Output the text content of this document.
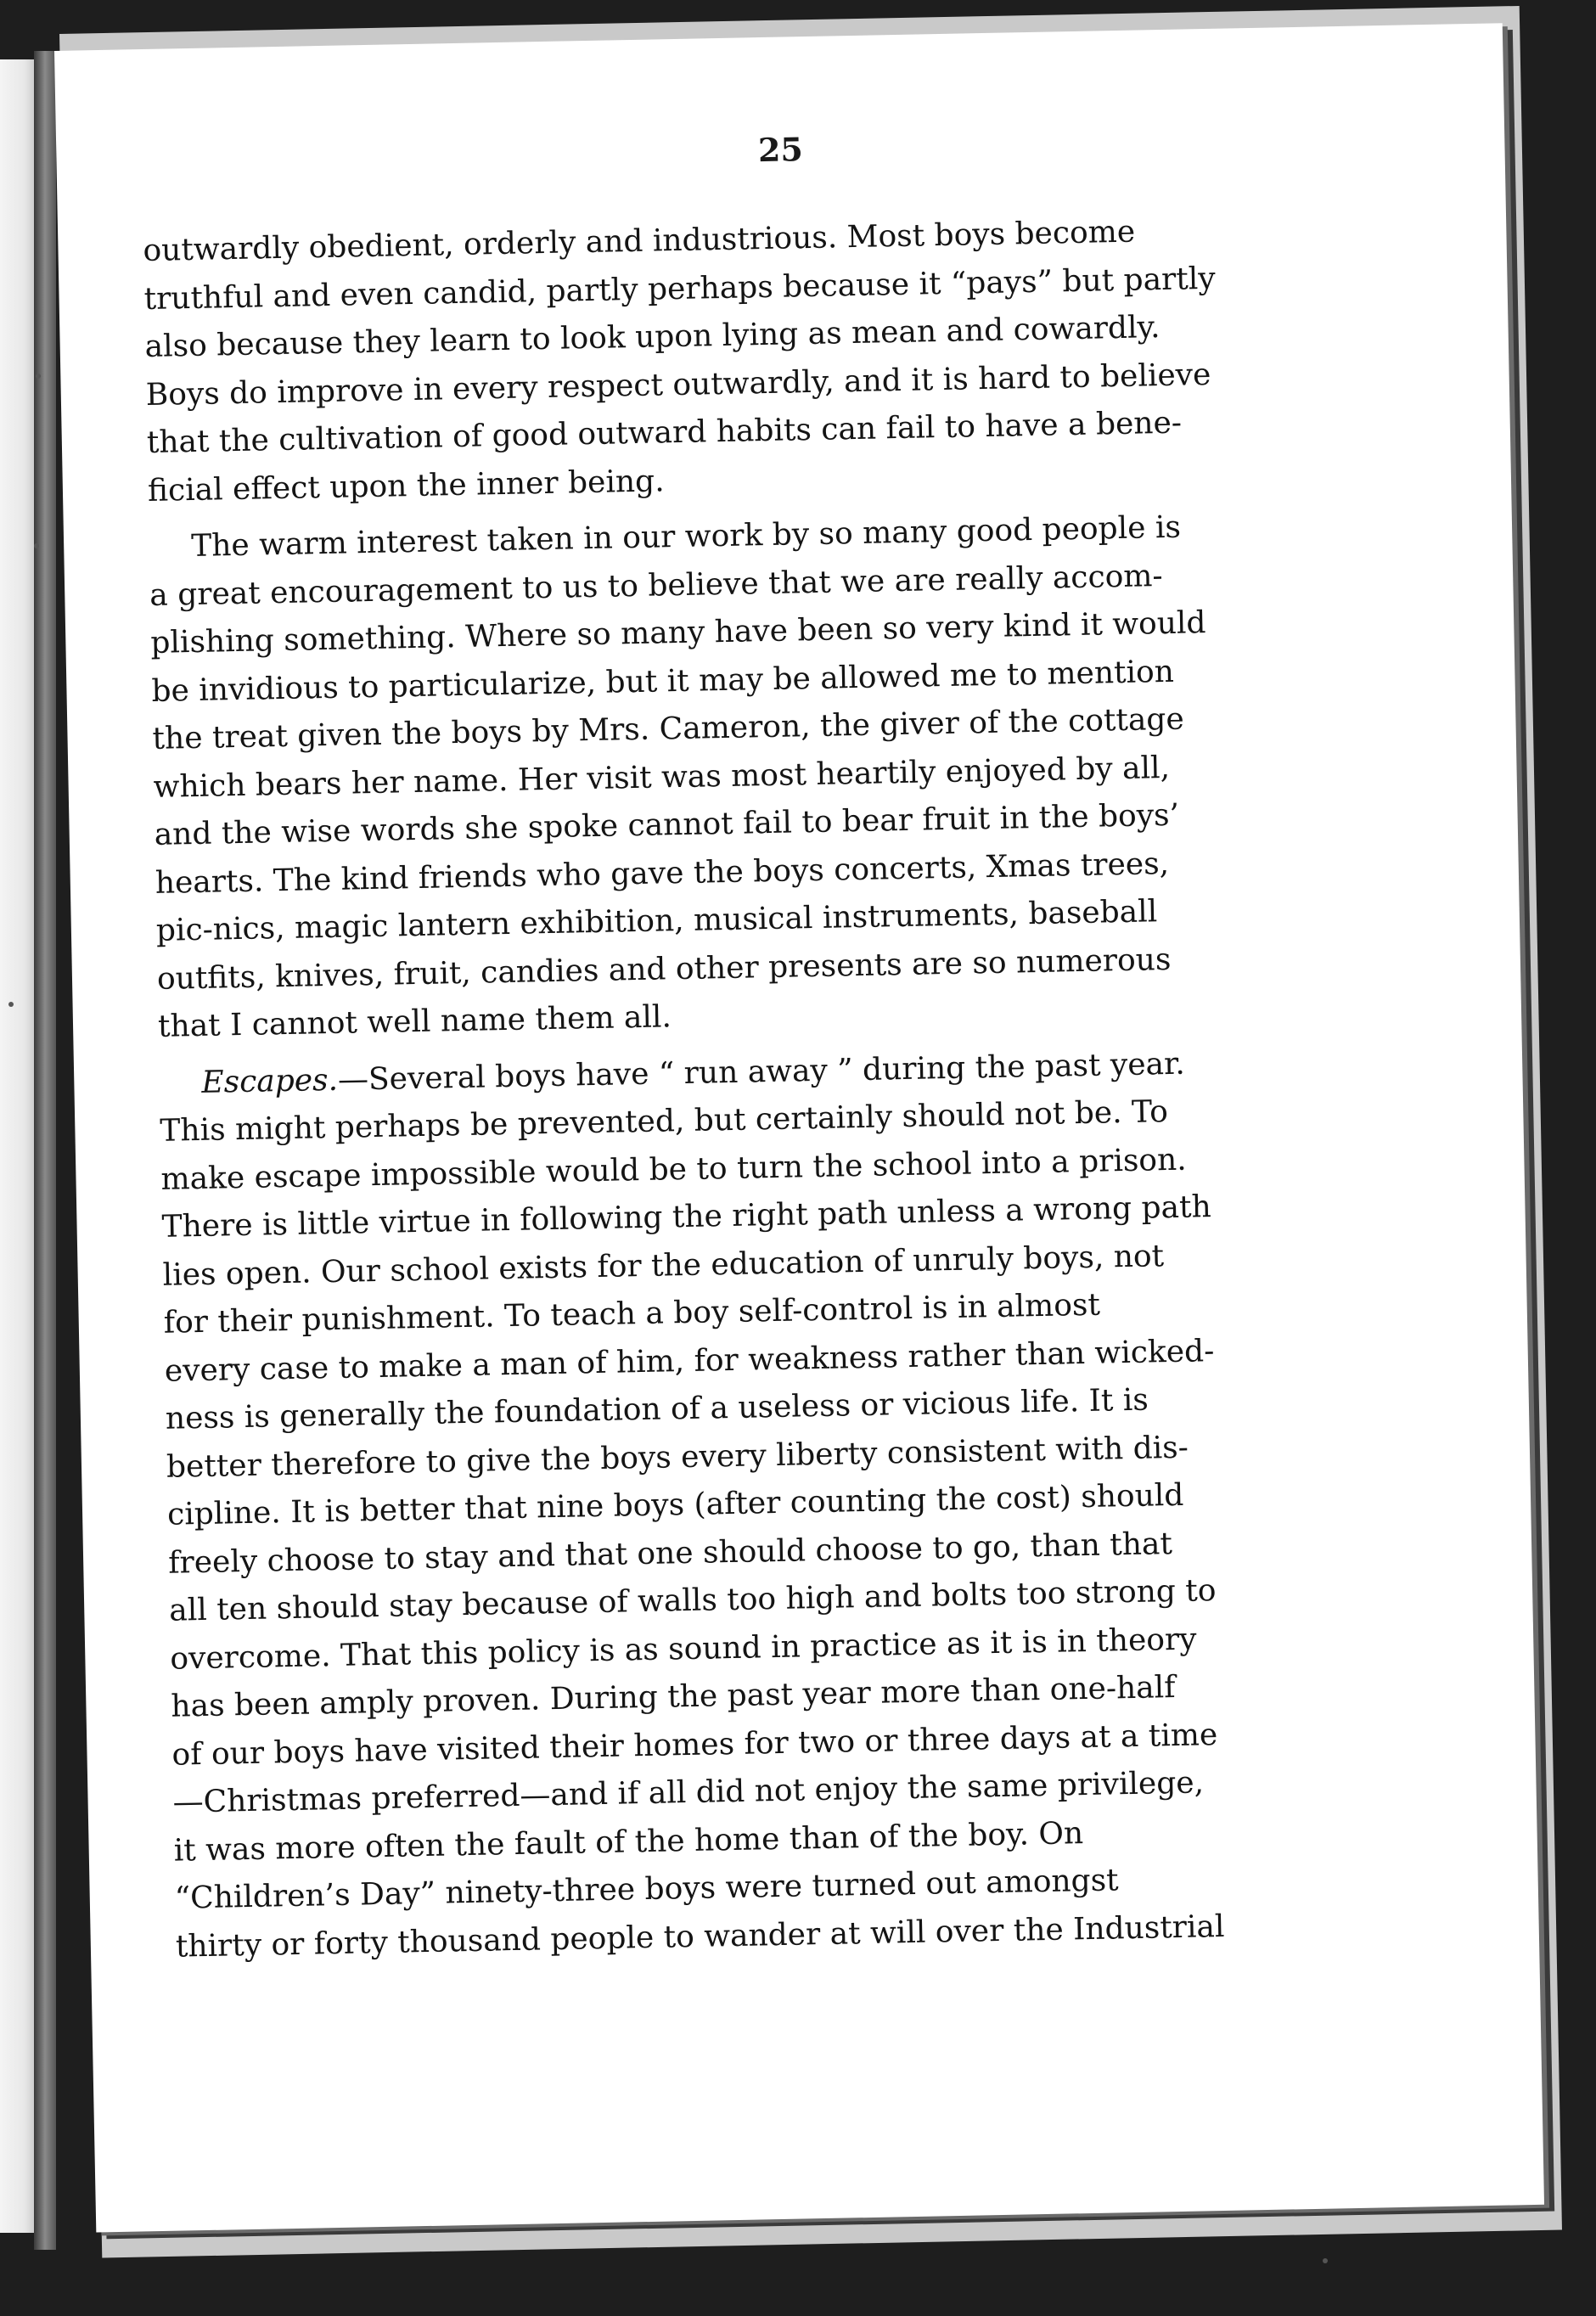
25
outwardly obedient, orderly and industrious. Most boys become
truthful and even candid, partly perhaps because it “pays” but partly
also because they learn to look upon lying as mean and cowardly.
Boys do improve in every respect outwardly, and it is hard to believe
that the cultivation of good outward habits can fail to have a bene-
ficial effect upon the inner being.
The warm interest taken in our work by so many good people is
a great encouragement to us to believe that we are really accom-
plishing something. Where so many have been so very kind it would
be invidious to particularize, but it may be allowed me to mention
the treat given the boys by Mrs. Cameron, the giver of the cottage
which bears her name. Her visit was most heartily enjoyed by all,
and the wise words she spoke cannot fail to bear fruit in the boys’
hearts. The kind friends who gave the boys concerts, Xmas trees,
pic-nics, magic lantern exhibition, musical instruments, baseball
outfits, knives, fruit, candies and other presents are so numerous
that I cannot well name them all.
Escapes.—Several boys have “ run away ” during the past year.
This might perhaps be prevented, but certainly should not be. To
make escape impossible would be to turn the school into a prison.
There is little virtue in following the right path unless a wrong path
lies open. Our school exists for the education of unruly boys, not
for their punishment. To teach a boy self-control is in almost
every case to make a man of him, for weakness rather than wicked-
ness is generally the foundation of a useless or vicious life. It is
better therefore to give the boys every liberty consistent with dis-
cipline. It is better that nine boys (after counting the cost) should
freely choose to stay and that one should choose to go, than that
all ten should stay because of walls too high and bolts too strong to
overcome. That this policy is as sound in practice as it is in theory
has been amply proven. During the past year more than one-half
of our boys have visited their homes for two or three days at a time
—Christmas preferred—and if all did not enjoy the same privilege,
it was more often the fault of the home than of the boy. On
“Children’s Day” ninety-three boys were turned out amongst
thirty or forty thousand people to wander at will over the Industrial
